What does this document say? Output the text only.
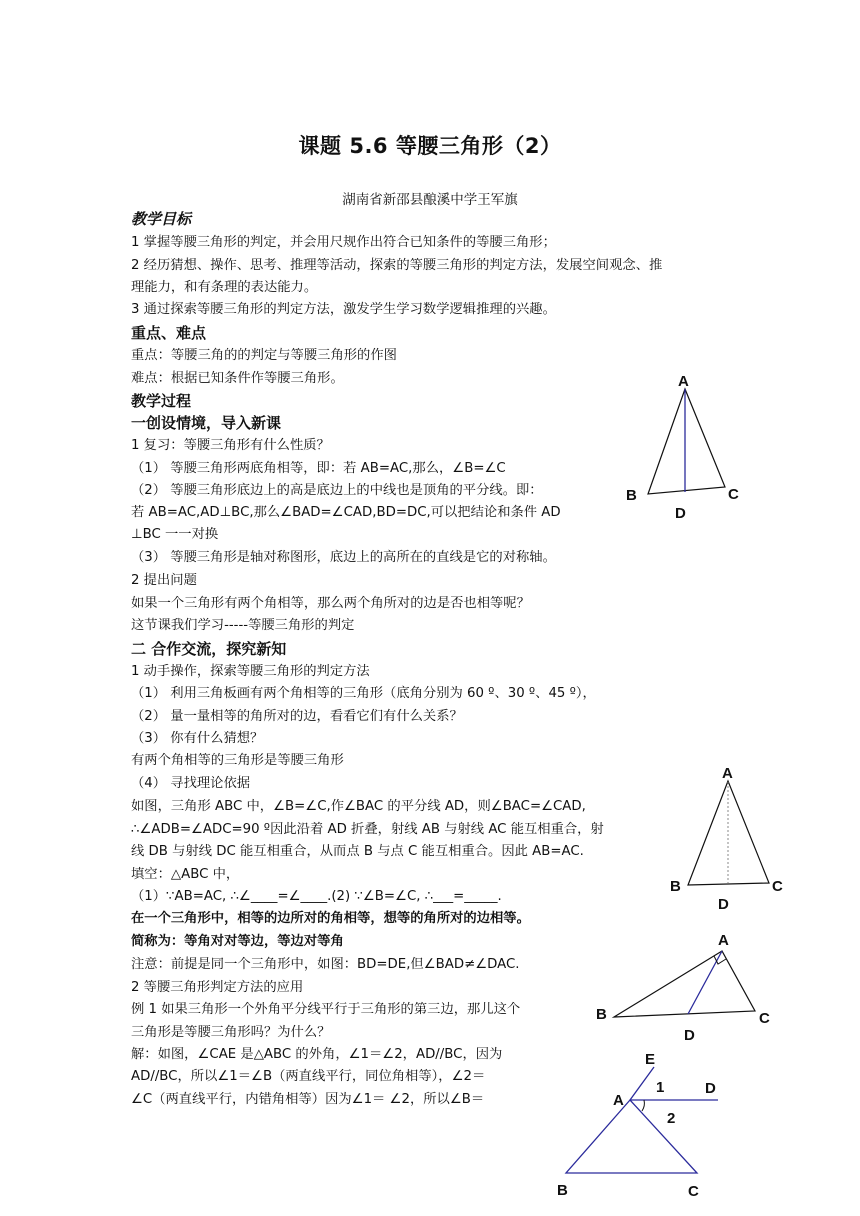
课题 5.6 等腰三角形（2）
湖南省新邵县酿溪中学王军旗
教学目标
1 掌握等腰三角形的判定，并会用尺规作出符合已知条件的等腰三角形；
2 经历猜想、操作、思考、推理等活动，探索的等腰三角形的判定方法，发展空间观念、推
理能力，和有条理的表达能力。
3 通过探索等腰三角形的判定方法，激发学生学习数学逻辑推理的兴趣。
重点、难点
重点：等腰三角的的判定与等腰三角形的作图
难点：根据已知条件作等腰三角形。
教学过程
一创设情境，导入新课
1 复习：等腰三角形有什么性质？
（1） 等腰三角形两底角相等，即：若 AB=AC,那么，∠B=∠C
（2） 等腰三角形底边上的高是底边上的中线也是顶角的平分线。即：
若 AB=AC,AD⊥BC,那么∠BAD=∠CAD,BD=DC,可以把结论和条件 AD
⊥BC 一一对换
（3） 等腰三角形是轴对称图形，底边上的高所在的直线是它的对称轴。
2 提出问题
如果一个三角形有两个角相等，那么两个角所对的边是否也相等呢？
这节课我们学习-----等腰三角形的判定
二 合作交流，探究新知
1 动手操作，探索等腰三角形的判定方法
（1） 利用三角板画有两个角相等的三角形（底角分别为 60 º、30 º、45 º），
（2） 量一量相等的角所对的边，看看它们有什么关系？
（3） 你有什么猜想？
有两个角相等的三角形是等腰三角形
（4） 寻找理论依据
如图，三角形 ABC 中，∠B=∠C,作∠BAC 的平分线 AD，则∠BAC=∠CAD,
∴∠ADB=∠ADC=90 º因此沿着 AD 折叠，射线 AB 与射线 AC 能互相重合，射
线 DB 与射线 DC 能互相重合，从而点 B 与点 C 能互相重合。因此 AB=AC.
填空：△ABC 中，
（1）∵AB=AC, ∴∠____=∠____.(2) ∵∠B=∠C, ∴___=_____.
在一个三角形中，相等的边所对的角相等，想等的角所对的边相等。
简称为：等角对对等边，等边对等角
注意：前提是同一个三角形中，如图：BD=DE,但∠BAD≠∠DAC.
2 等腰三角形判定方法的应用
例 1 如果三角形一个外角平分线平行于三角形的第三边，那儿这个
三角形是等腰三角形吗？为什么？
解：如图，∠CAE 是△ABC 的外角，∠1＝∠2，AD//BC，因为
AD//BC，所以∠1＝∠B（两直线平行，同位角相等），∠2＝
∠C（两直线平行，内错角相等）因为∠1＝ ∠2，所以∠B＝
A
B	C
D
A
B	C
D
A
B	C
D
E
A
1	D
2
B	C
